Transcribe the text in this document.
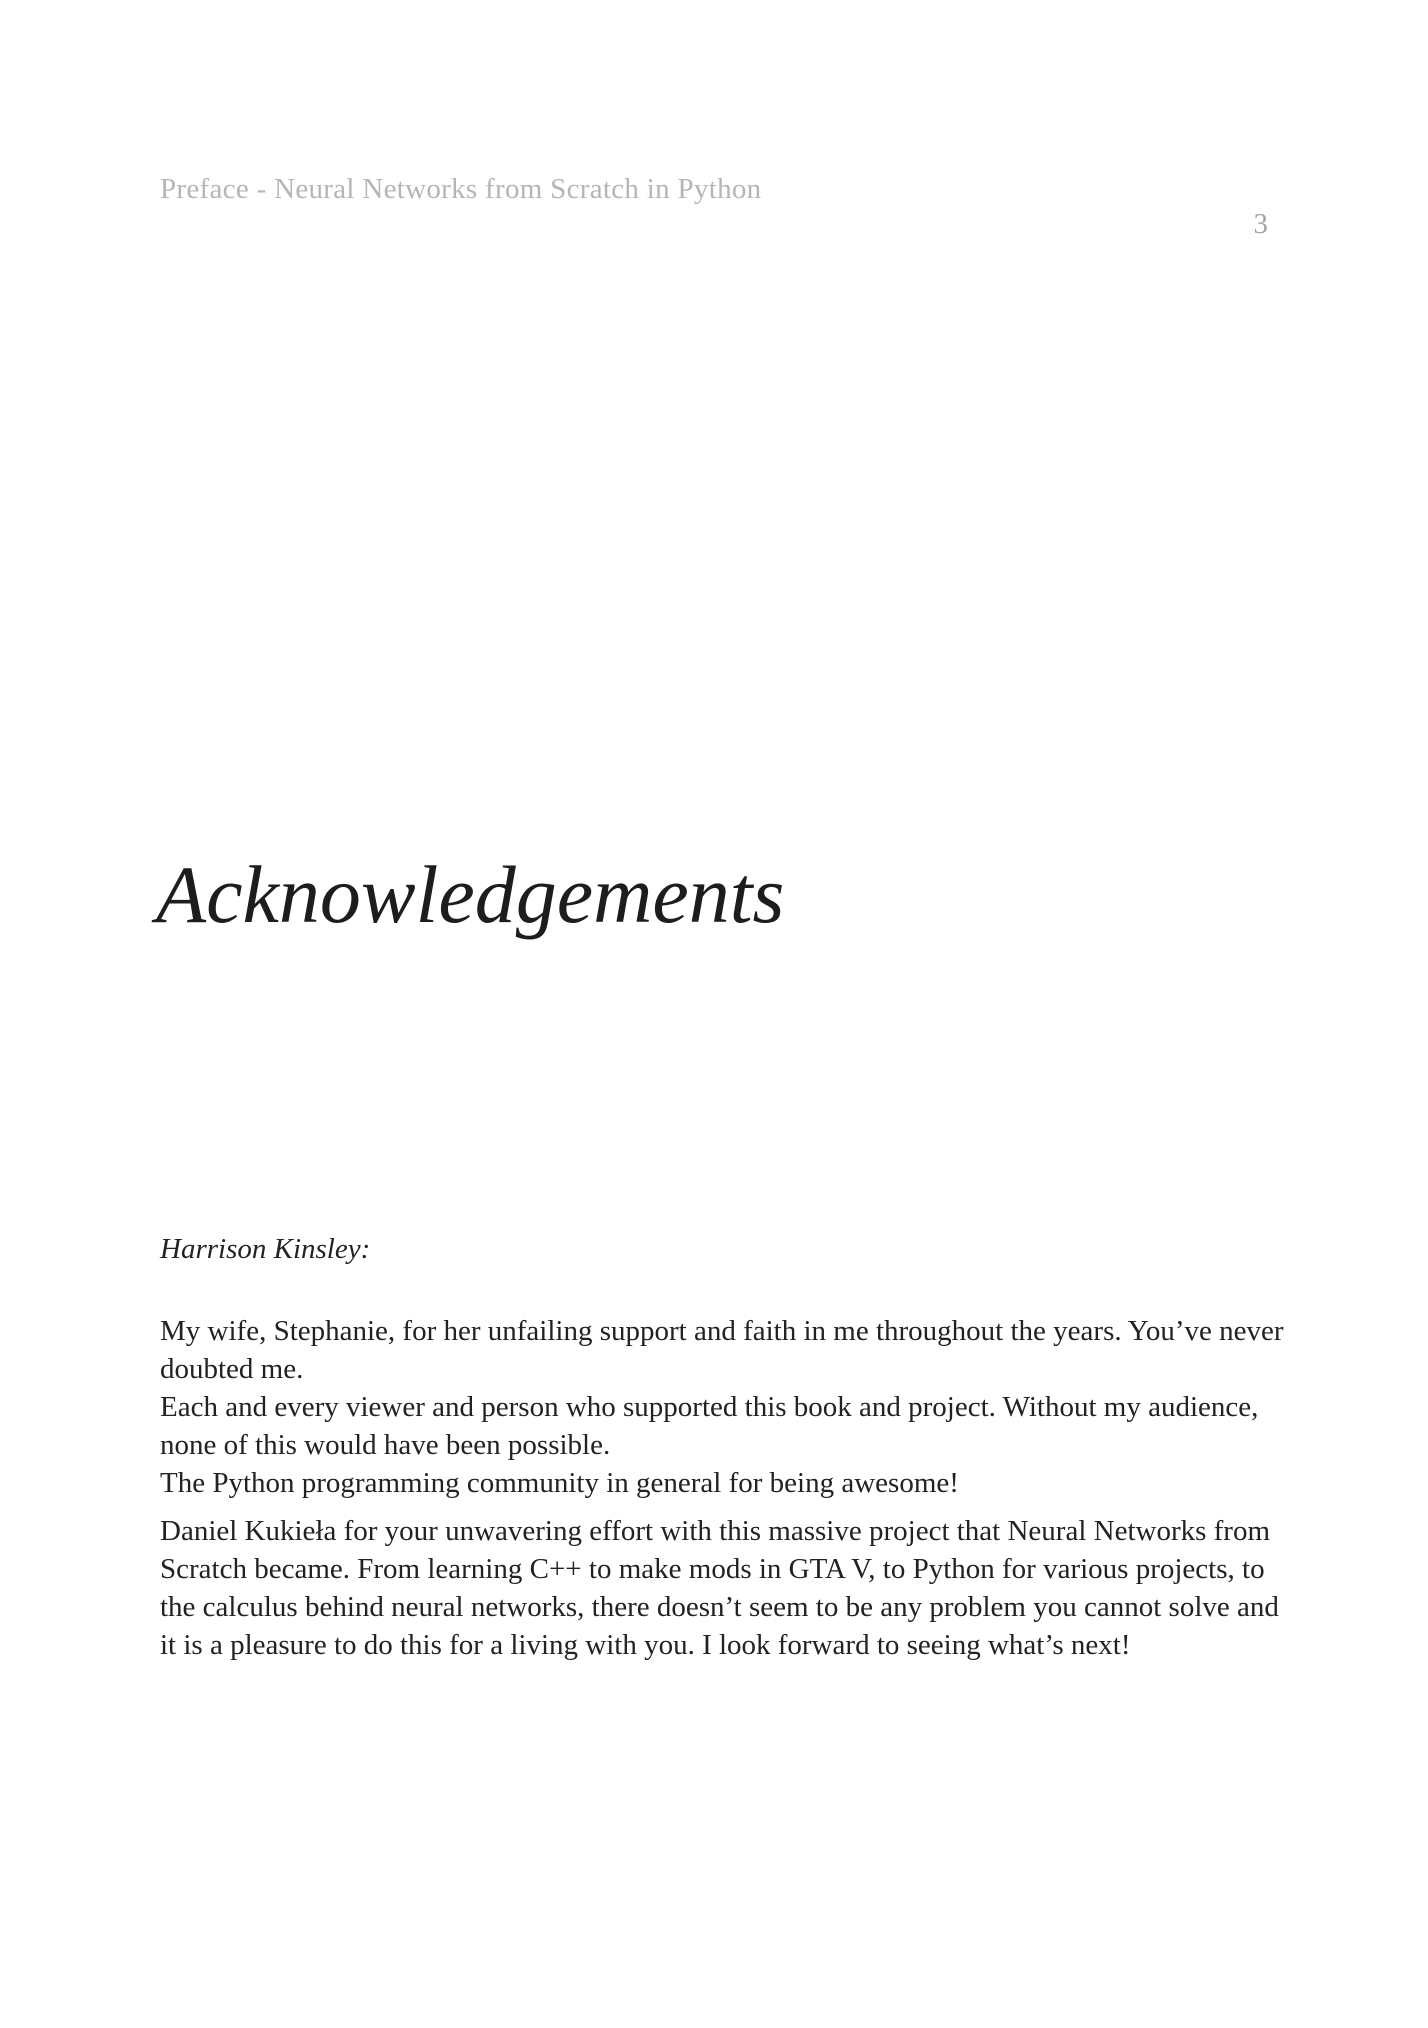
Preface - Neural Networks from Scratch in Python
3
Acknowledgements
Harrison Kinsley:
My wife, Stephanie, for her unfailing support and faith in me throughout the years. You’ve never
doubted me.
Each and every viewer and person who supported this book and project. Without my audience,
none of this would have been possible.
The Python programming community in general for being awesome!
Daniel Kukieła for your unwavering effort with this massive project that Neural Networks from
Scratch became. From learning C++ to make mods in GTA V, to Python for various projects, to
the calculus behind neural networks, there doesn’t seem to be any problem you cannot solve and
it is a pleasure to do this for a living with you. I look forward to seeing what’s next!
